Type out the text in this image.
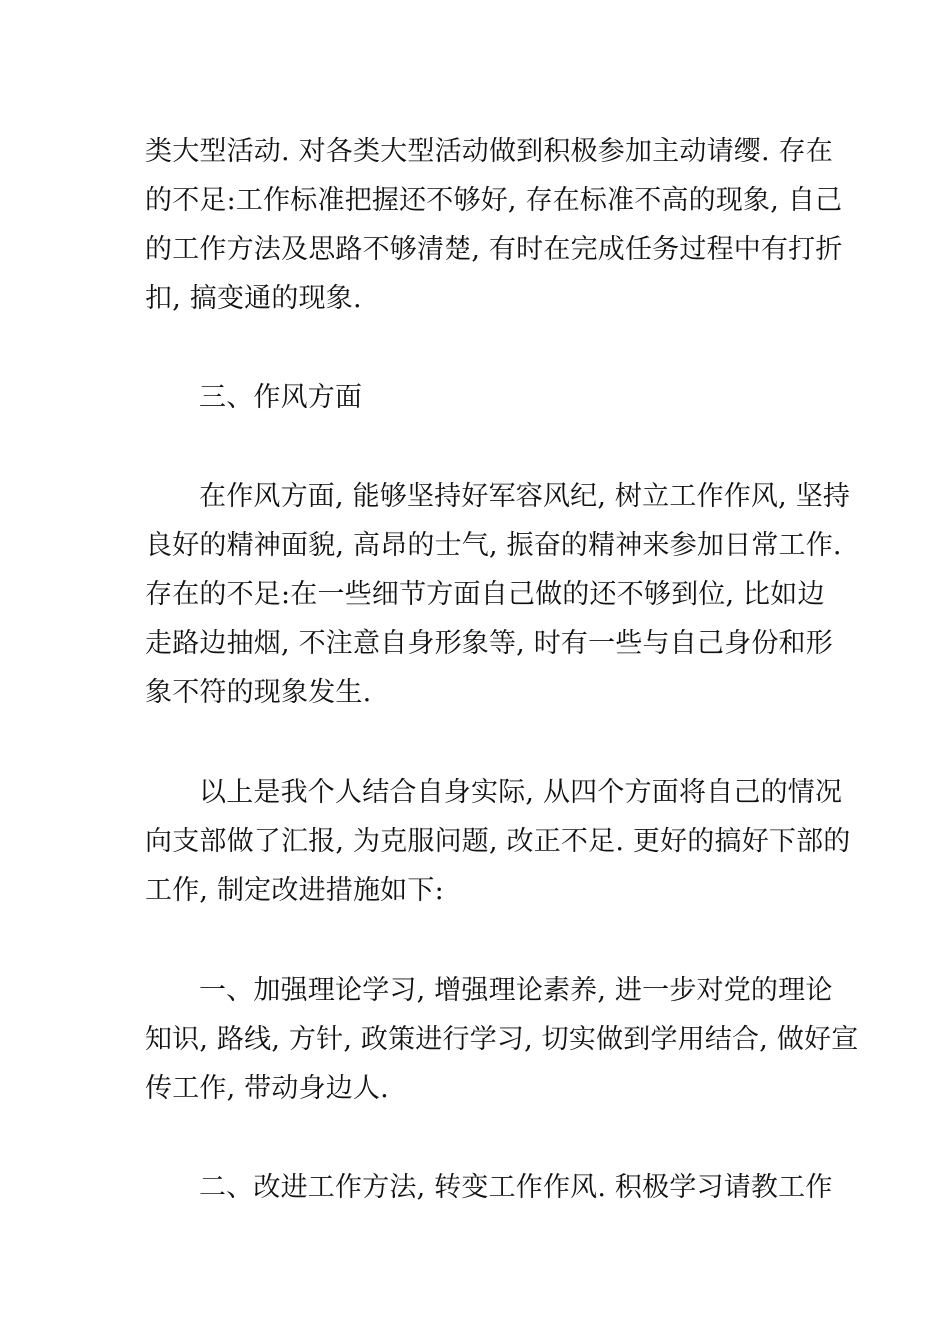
类大型活动. 对各类大型活动做到积极参加主动请缨. 存在
的不足:工作标准把握还不够好, 存在标准不高的现象, 自己
的工作方法及思路不够清楚, 有时在完成任务过程中有打折
扣, 搞变通的现象.
三、作风方面
在作风方面, 能够坚持好军容风纪, 树立工作作风, 坚持
良好的精神面貌, 高昂的士气, 振奋的精神来参加日常工作.
存在的不足:在一些细节方面自己做的还不够到位, 比如边
走路边抽烟, 不注意自身形象等, 时有一些与自己身份和形
象不符的现象发生.
以上是我个人结合自身实际, 从四个方面将自己的情况
向支部做了汇报, 为克服问题, 改正不足. 更好的搞好下部的
工作, 制定改进措施如下:
一、加强理论学习, 增强理论素养, 进一步对党的理论
知识, 路线, 方针, 政策进行学习, 切实做到学用结合, 做好宣
传工作, 带动身边人.
二、改进工作方法, 转变工作作风. 积极学习请教工作
